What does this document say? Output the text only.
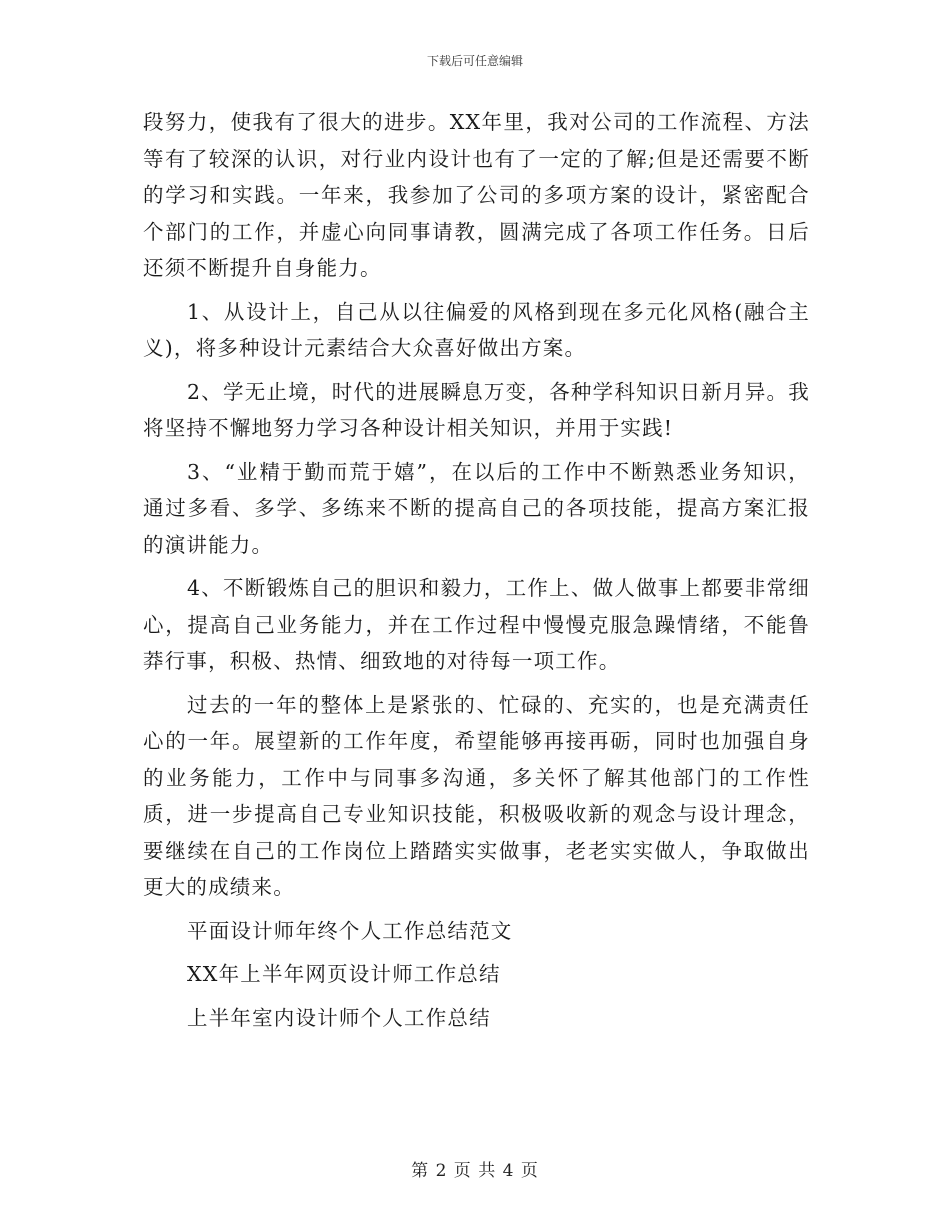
下载后可任意编辑

段努力，使我有了很大的进步。XX年里，我对公司的工作流程、方法等有了较深的认识，对行业内设计也有了一定的了解;但是还需要不断的学习和实践。一年来，我参加了公司的多项方案的设计，紧密配合个部门的工作，并虚心向同事请教，圆满完成了各项工作任务。日后还须不断提升自身能力。

1、从设计上，自己从以往偏爱的风格到现在多元化风格(融合主义)，将多种设计元素结合大众喜好做出方案。

2、学无止境，时代的进展瞬息万变，各种学科知识日新月异。我将坚持不懈地努力学习各种设计相关知识，并用于实践!

3、“业精于勤而荒于嬉”，在以后的工作中不断熟悉业务知识，通过多看、多学、多练来不断的提高自己的各项技能，提高方案汇报的演讲能力。

4、不断锻炼自己的胆识和毅力，工作上、做人做事上都要非常细心，提高自己业务能力，并在工作过程中慢慢克服急躁情绪，不能鲁莽行事，积极、热情、细致地的对待每一项工作。

过去的一年的整体上是紧张的、忙碌的、充实的，也是充满责任心的一年。展望新的工作年度，希望能够再接再砺，同时也加强自身的业务能力，工作中与同事多沟通，多关怀了解其他部门的工作性质，进一步提高自己专业知识技能，积极吸收新的观念与设计理念，要继续在自己的工作岗位上踏踏实实做事，老老实实做人，争取做出更大的成绩来。

平面设计师年终个人工作总结范文
XX年上半年网页设计师工作总结
上半年室内设计师个人工作总结
第 2 页 共 4 页
